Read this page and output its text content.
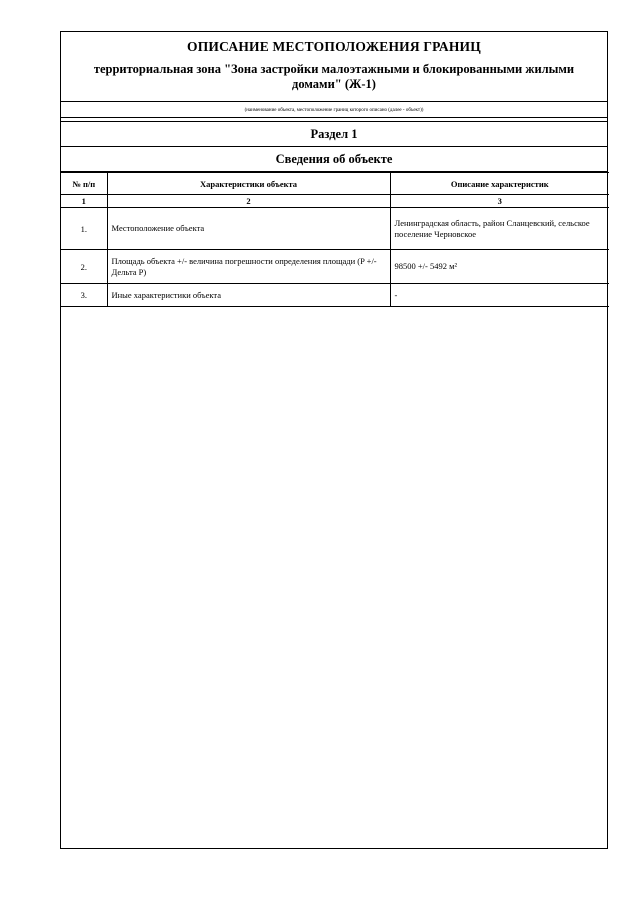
ОПИСАНИЕ МЕСТОПОЛОЖЕНИЯ ГРАНИЦ
территориальная зона "Зона застройки малоэтажными и блокированными жилыми домами" (Ж-1)
(наименование объекта, местоположение границ которого описано (далее - объект))
Раздел 1
Сведения об объекте
№ п/п	Характеристики объекта	Описание характеристик
1	2	3
1.	Местоположение объекта	Ленинградская область, район Сланцевский, сельское поселение Черновское
2.	Площадь объекта +/- величина погрешности определения площади (P +/- Дельта P)	98500 +/- 5492 м²
3.	Иные характеристики объекта	-
